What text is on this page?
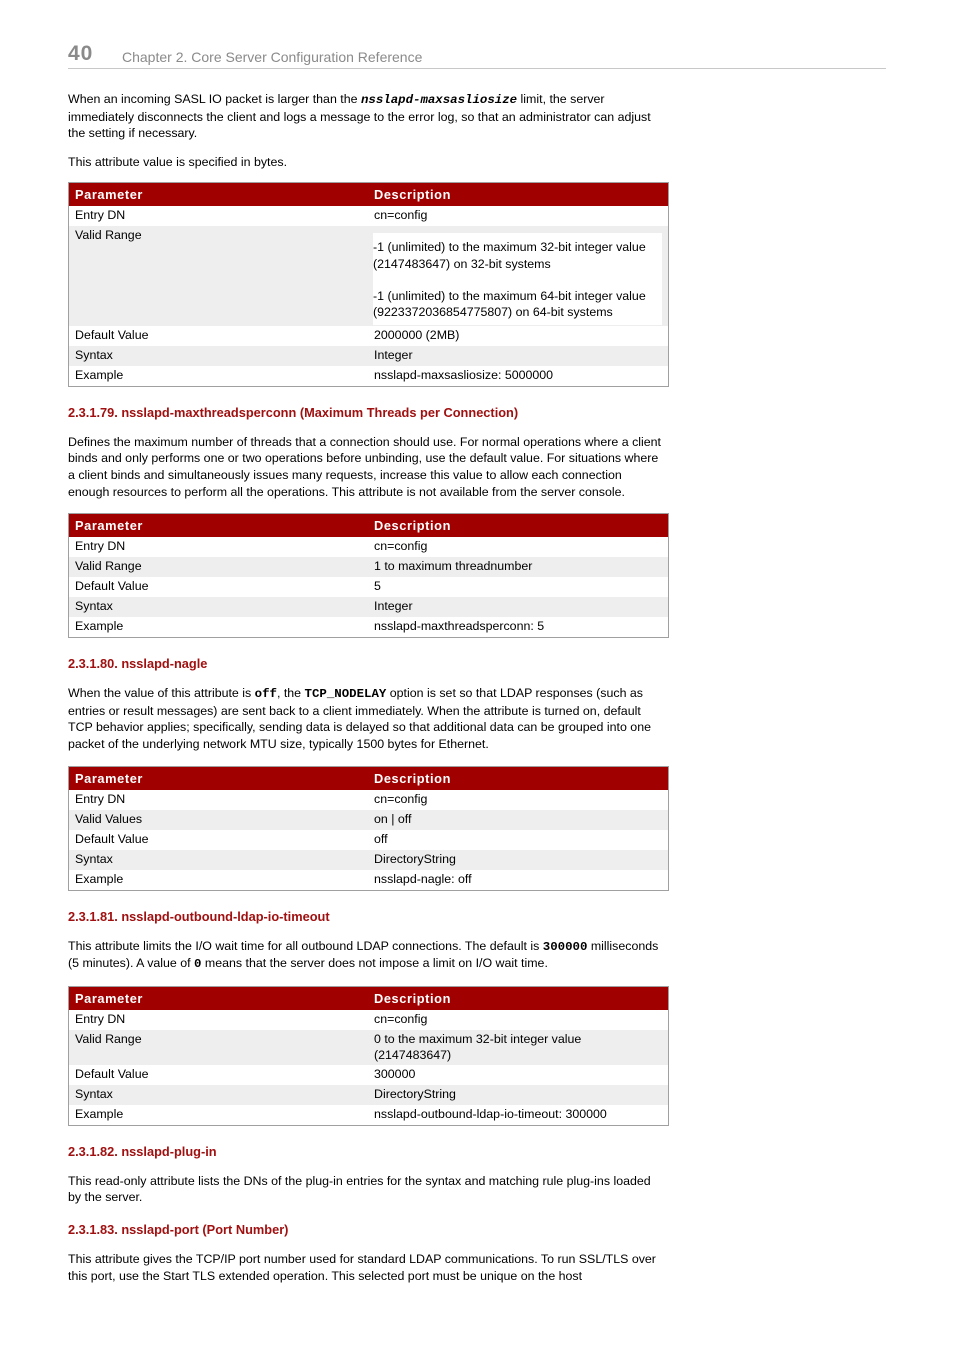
40 Chapter 2. Core Server Configuration Reference

When an incoming SASL IO packet is larger than the nsslapd-maxsasliosize limit, the server immediately disconnects the client and logs a message to the error log, so that an administrator can adjust the setting if necessary.

This attribute value is specified in bytes.

Parameter	Description
Entry DN	cn=config
Valid Range	-1 (unlimited) to the maximum 32-bit integer value (2147483647) on 32-bit systems
-1 (unlimited) to the maximum 64-bit integer value (9223372036854775807) on 64-bit systems

Default Value	2000000 (2MB)
Syntax	Integer
Example	nsslapd-maxsasliosize: 5000000
2.3.1.79. nsslapd-maxthreadsperconn (Maximum Threads per Connection)

Defines the maximum number of threads that a connection should use. For normal operations where a client binds and only performs one or two operations before unbinding, use the default value. For situations where a client binds and simultaneously issues many requests, increase this value to allow each connection enough resources to perform all the operations. This attribute is not available from the server console.

Parameter	Description
Entry DN	cn=config
Valid Range	1 to maximum threadnumber
Default Value	5
Syntax	Integer
Example	nsslapd-maxthreadsperconn: 5
2.3.1.80. nsslapd-nagle

When the value of this attribute is off, the TCP_NODELAY option is set so that LDAP responses (such as entries or result messages) are sent back to a client immediately. When the attribute is turned on, default TCP behavior applies; specifically, sending data is delayed so that additional data can be grouped into one packet of the underlying network MTU size, typically 1500 bytes for Ethernet.

Parameter	Description
Entry DN	cn=config
Valid Values	on | off
Default Value	off
Syntax	DirectoryString
Example	nsslapd-nagle: off
2.3.1.81. nsslapd-outbound-ldap-io-timeout

This attribute limits the I/O wait time for all outbound LDAP connections. The default is 300000 milliseconds (5 minutes). A value of 0 means that the server does not impose a limit on I/O wait time.

Parameter	Description
Entry DN	cn=config
Valid Range	0 to the maximum 32-bit integer value (2147483647)
Default Value	300000
Syntax	DirectoryString
Example	nsslapd-outbound-ldap-io-timeout: 300000
2.3.1.82. nsslapd-plug-in

This read-only attribute lists the DNs of the plug-in entries for the syntax and matching rule plug-ins loaded by the server.

2.3.1.83. nsslapd-port (Port Number)

This attribute gives the TCP/IP port number used for standard LDAP communications. To run SSL/TLS over this port, use the Start TLS extended operation. This selected port must be unique on the host
